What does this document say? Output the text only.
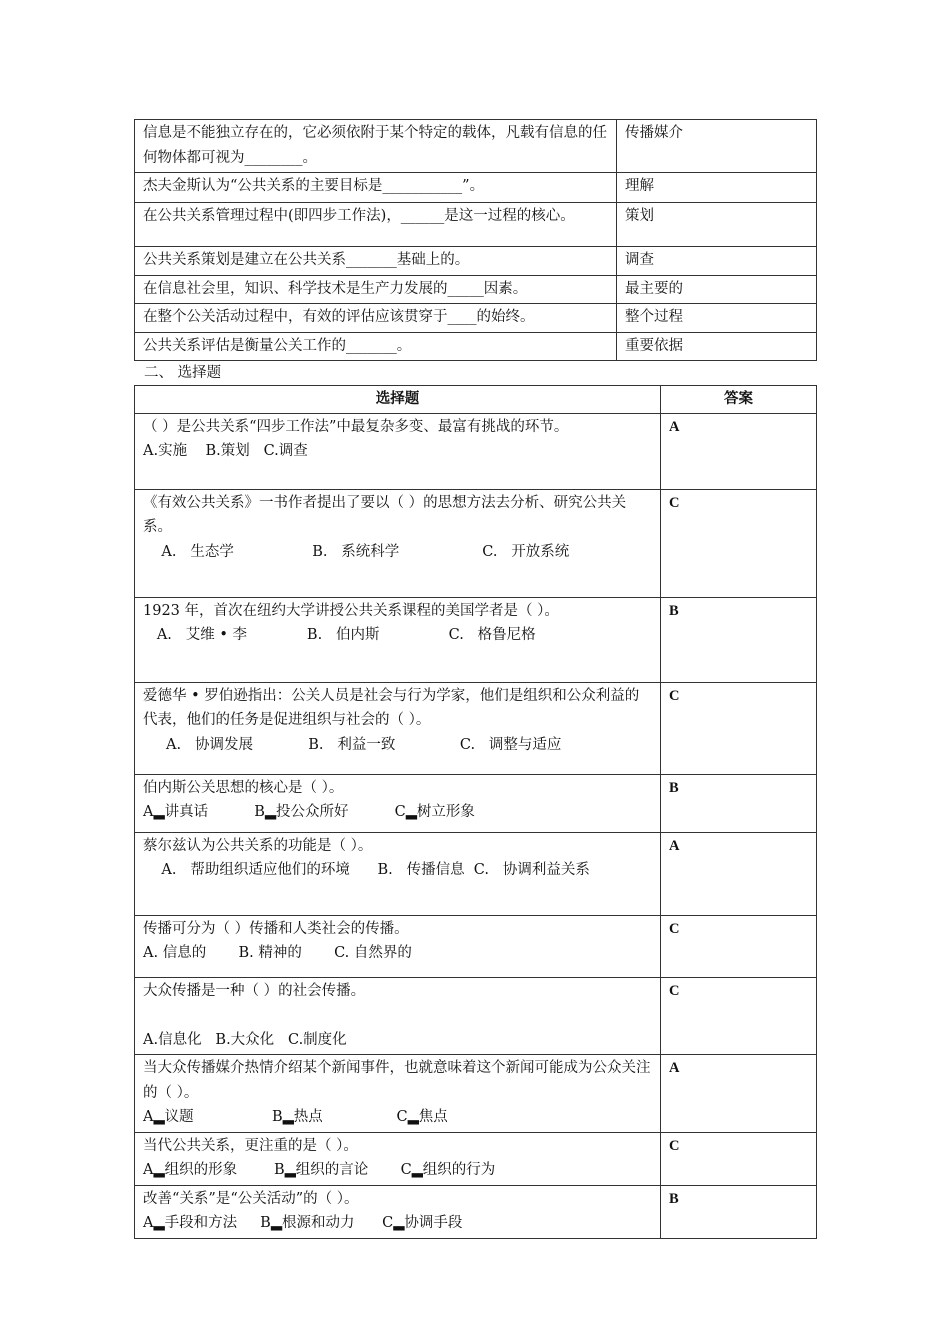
信息是不能独立存在的，它必须依附于某个特定的载体，凡载有信息的任何物体都可视为________。	传播媒介
杰夫金斯认为“公共关系的主要目标是___________”。	理解

在公共关系管理过程中(即四步工作法)，______是这一过程的核心。	策划
公共关系策划是建立在公共关系_______基础上的。	调查
在信息社会里，知识、科学技术是生产力发展的_____因素。	最主要的
在整个公关活动过程中，有效的评估应该贯穿于____的始终。	整个过程
公共关系评估是衡量公关工作的_______。	重要依据
二、 选择题
选择题	答案

（ ）是公共关系“四步工作法”中最复杂多变、最富有挑战的环节。
A.实施    B.策划   C.调查	A

《有效公共关系》一书作者提出了要以（ ）的思想方法去分析、研究公共关系。
A.   生态学                 B.   系统科学                  C.   开放系统	C

1923 年，首次在纽约大学讲授公共关系课程的美国学者是（ ）。
A.   艾维 • 李             B.   伯内斯               C.   格鲁尼格	B

爱德华 • 罗伯逊指出：公关人员是社会与行为学家，他们是组织和公众利益的代表，他们的任务是促进组织与社会的（ ）。
A.   协调发展            B.   利益一致              C.   调整与适应	C

伯内斯公关思想的核心是（ ）。
A▂讲真话          B▂投公众所好          C▂树立形象	B

蔡尔兹认为公共关系的功能是（ ）。
A.   帮助组织适应他们的环境      B.   传播信息  C.   协调利益关系	A

传播可分为（ ）传播和人类社会的传播。
A. 信息的       B. 精神的       C. 自然界的	C

大众传播是一种（ ）的社会传播。

A.信息化   B.大众化   C.制度化	C

当大众传播媒介热情介绍某个新闻事件，也就意味着这个新闻可能成为公众关注的（ ）。
A▂议题                 B▂热点                C▂焦点	A

当代公共关系，更注重的是（ ）。
A▂组织的形象        B▂组织的言论       C▂组织的行为	C

改善“关系”是“公关活动”的（ ）。
A▂手段和方法     B▂根源和动力      C▂协调手段	B
